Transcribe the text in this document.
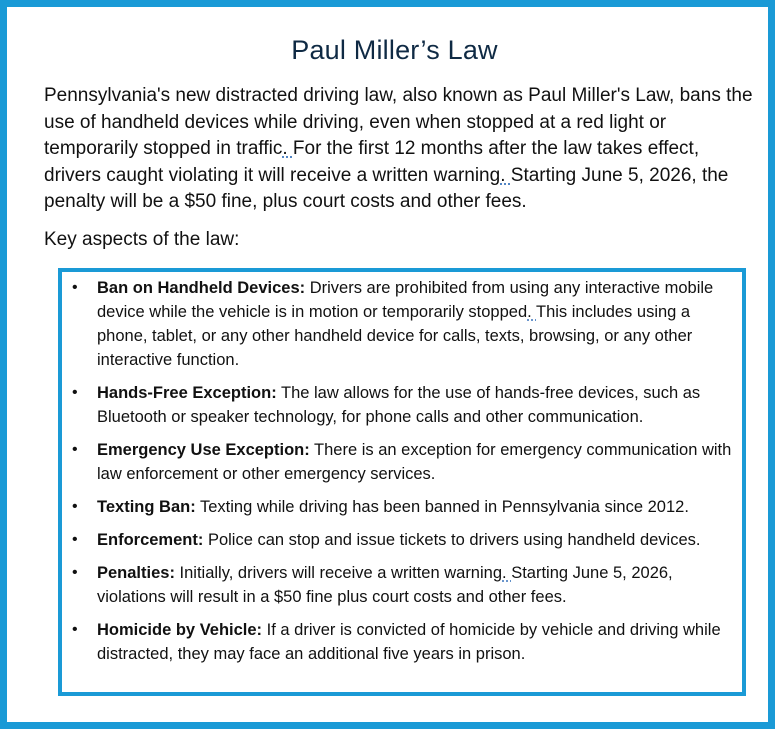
Paul Miller’s Law

Pennsylvania's new distracted driving law, also known as Paul Miller's Law, bans the use of handheld devices while driving, even when stopped at a red light or temporarily stopped in traffic. For the first 12 months after the law takes effect, drivers caught violating it will receive a written warning. Starting June 5, 2026, the penalty will be a $50 fine, plus court costs and other fees.

Key aspects of the law:

• Ban on Handheld Devices: Drivers are prohibited from using any interactive mobile device while the vehicle is in motion or temporarily stopped. This includes using a phone, tablet, or any other handheld device for calls, texts, browsing, or any other interactive function.
• Hands-Free Exception: The law allows for the use of hands-free devices, such as Bluetooth or speaker technology, for phone calls and other communication.
• Emergency Use Exception: There is an exception for emergency communication with law enforcement or other emergency services.
• Texting Ban: Texting while driving has been banned in Pennsylvania since 2012.
• Enforcement: Police can stop and issue tickets to drivers using handheld devices.
• Penalties: Initially, drivers will receive a written warning. Starting June 5, 2026, violations will result in a $50 fine plus court costs and other fees.
• Homicide by Vehicle: If a driver is convicted of homicide by vehicle and driving while distracted, they may face an additional five years in prison.
